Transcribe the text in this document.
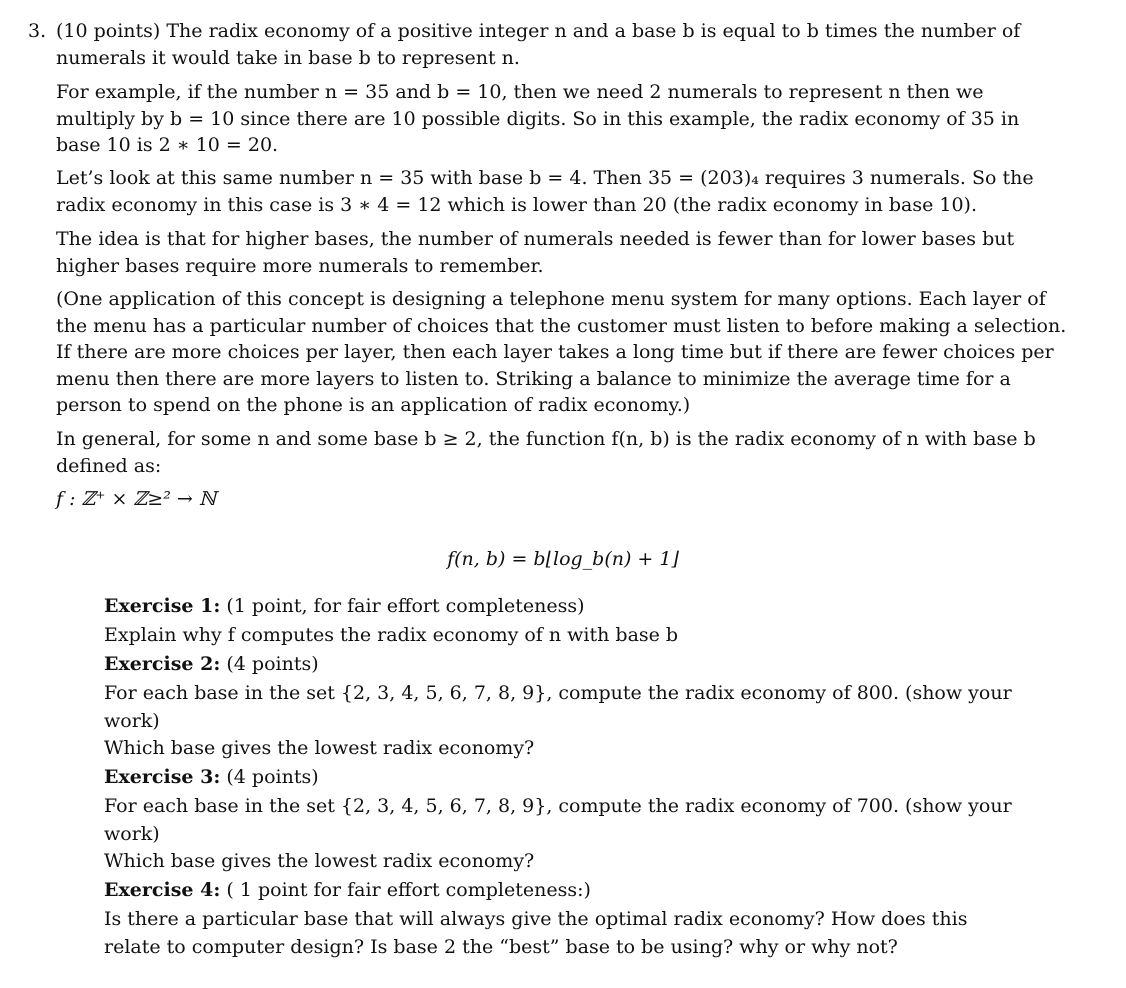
3. (10 points) The radix economy of a positive integer n and a base b is equal to b times the number of
numerals it would take in base b to represent n.
For example, if the number n = 35 and b = 10, then we need 2 numerals to represent n then we
multiply by b = 10 since there are 10 possible digits. So in this example, the radix economy of 35 in
base 10 is 2 ∗ 10 = 20.
Let’s look at this same number n = 35 with base b = 4. Then 35 = (203)₄ requires 3 numerals. So the
radix economy in this case is 3 ∗ 4 = 12 which is lower than 20 (the radix economy in base 10).
The idea is that for higher bases, the number of numerals needed is fewer than for lower bases but
higher bases require more numerals to remember.
(One application of this concept is designing a telephone menu system for many options. Each layer of
the menu has a particular number of choices that the customer must listen to before making a selection.
If there are more choices per layer, then each layer takes a long time but if there are fewer choices per
menu then there are more layers to listen to. Striking a balance to minimize the average time for a
person to spend on the phone is an application of radix economy.)
In general, for some n and some base b ≥ 2, the function f(n, b) is the radix economy of n with base b
defined as:
f : ℤ⁺ × ℤ≥² → ℕ
f(n, b) = b⌊log_b(n) + 1⌋
Exercise 1: (1 point, for fair effort completeness)
Explain why f computes the radix economy of n with base b
Exercise 2: (4 points)
For each base in the set {2, 3, 4, 5, 6, 7, 8, 9}, compute the radix economy of 800. (show your
work)
Which base gives the lowest radix economy?
Exercise 3: (4 points)
For each base in the set {2, 3, 4, 5, 6, 7, 8, 9}, compute the radix economy of 700. (show your
work)
Which base gives the lowest radix economy?
Exercise 4: ( 1 point for fair effort completeness:)
Is there a particular base that will always give the optimal radix economy? How does this
relate to computer design? Is base 2 the “best” base to be using? why or why not?
